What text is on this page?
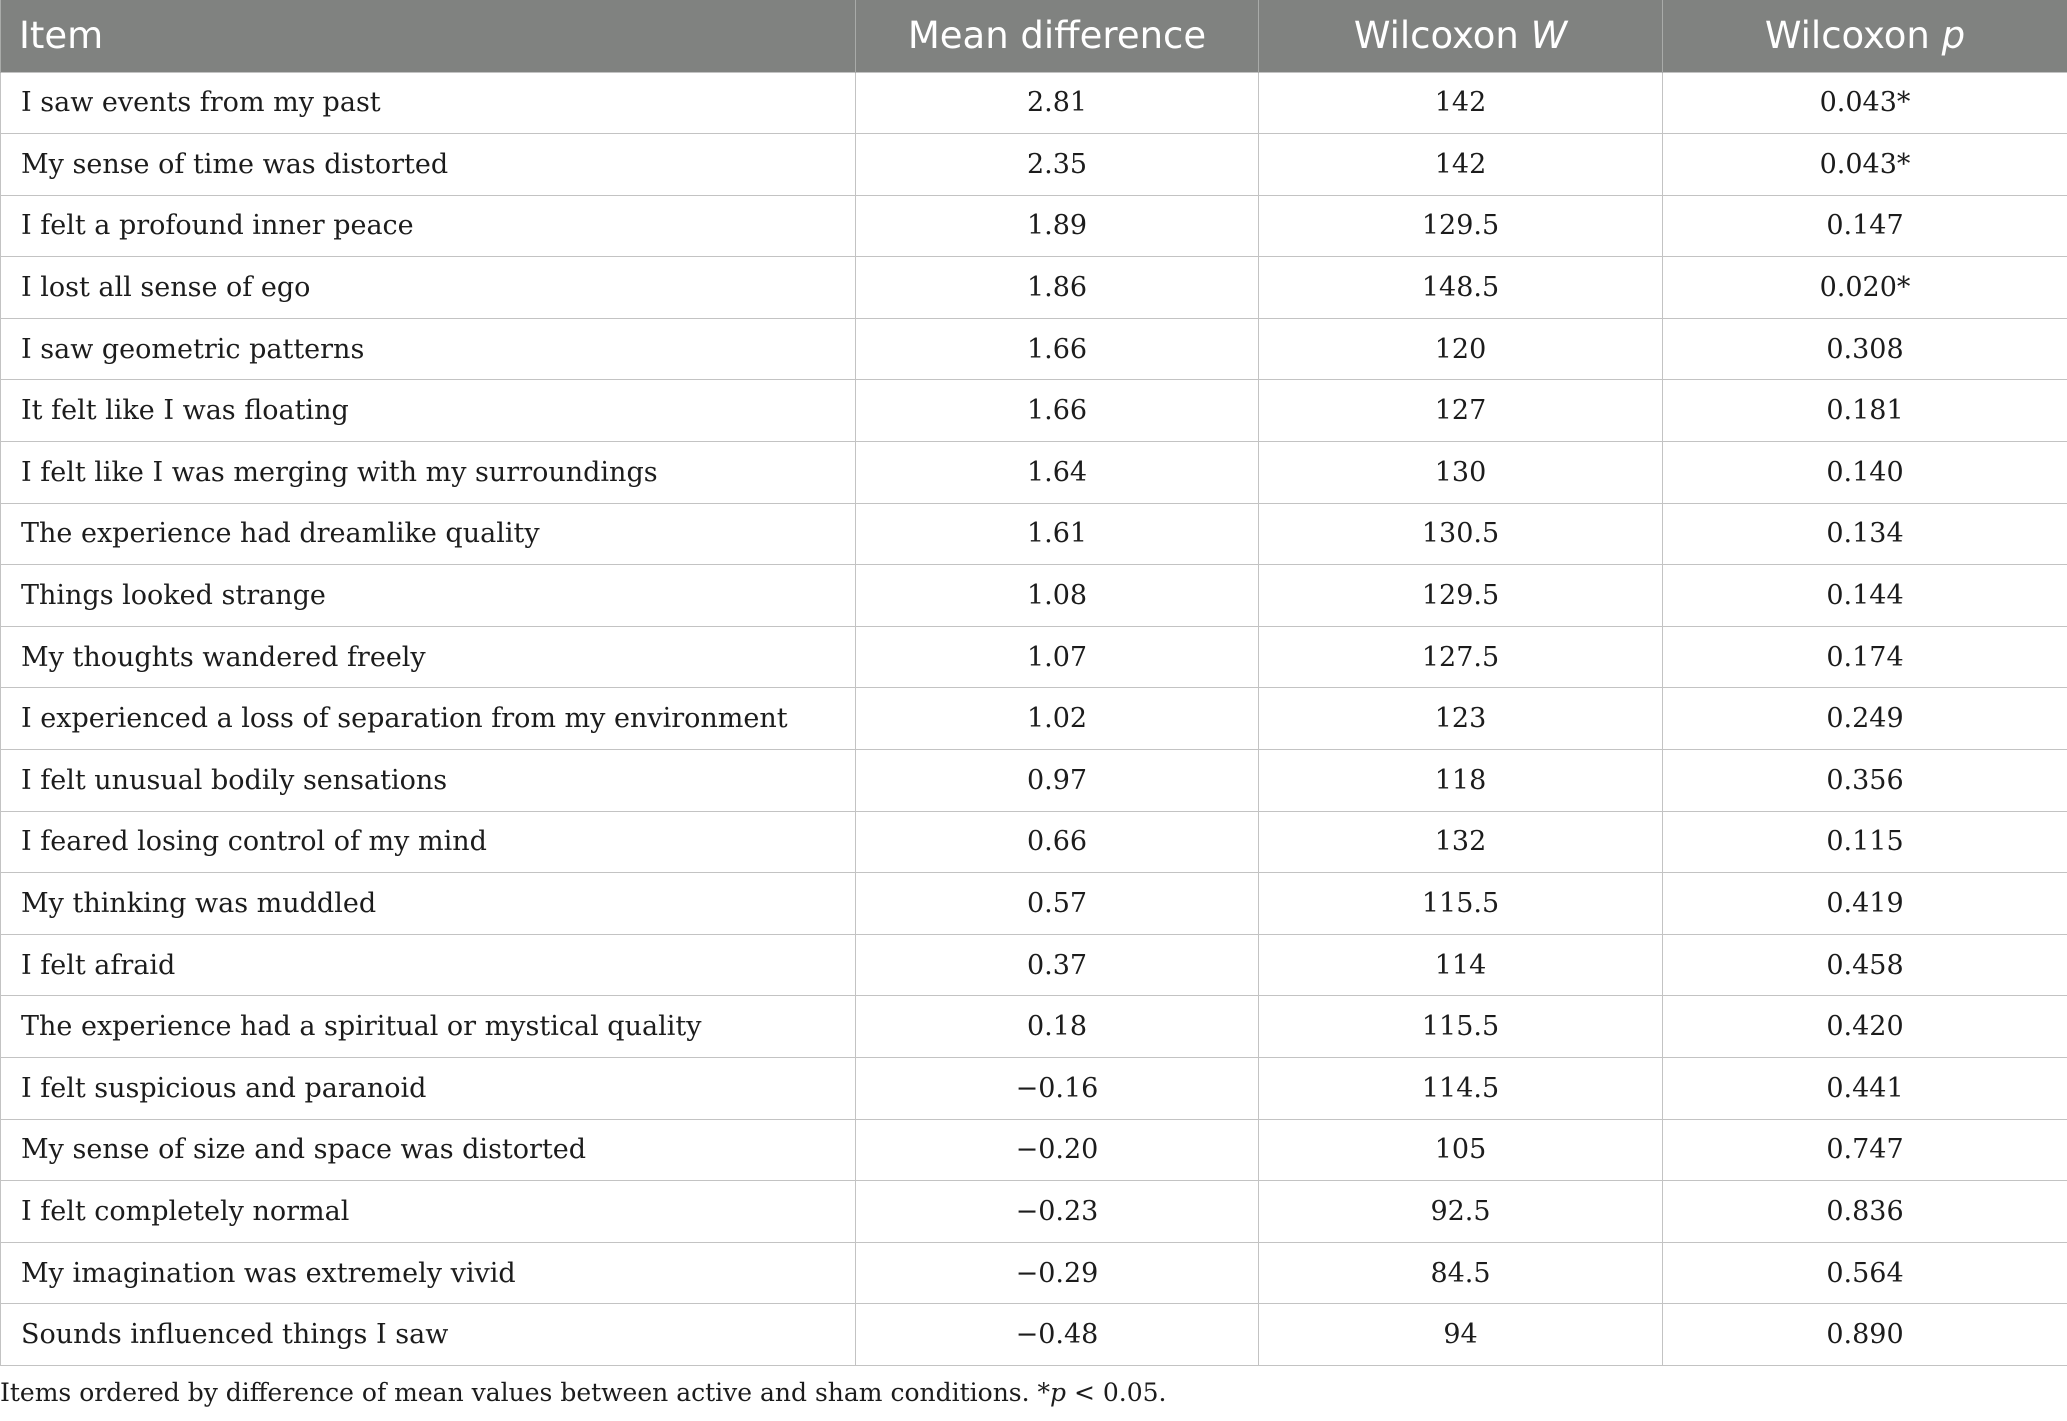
Item	Mean difference	Wilcoxon W	Wilcoxon p
I saw events from my past	2.81	142	0.043*
My sense of time was distorted	2.35	142	0.043*
I felt a profound inner peace	1.89	129.5	0.147
I lost all sense of ego	1.86	148.5	0.020*
I saw geometric patterns	1.66	120	0.308
It felt like I was floating	1.66	127	0.181
I felt like I was merging with my surroundings	1.64	130	0.140
The experience had dreamlike quality	1.61	130.5	0.134
Things looked strange	1.08	129.5	0.144
My thoughts wandered freely	1.07	127.5	0.174
I experienced a loss of separation from my environment	1.02	123	0.249
I felt unusual bodily sensations	0.97	118	0.356
I feared losing control of my mind	0.66	132	0.115
My thinking was muddled	0.57	115.5	0.419
I felt afraid	0.37	114	0.458
The experience had a spiritual or mystical quality	0.18	115.5	0.420
I felt suspicious and paranoid	−0.16	114.5	0.441
My sense of size and space was distorted	−0.20	105	0.747
I felt completely normal	−0.23	92.5	0.836
My imagination was extremely vivid	−0.29	84.5	0.564
Sounds influenced things I saw	−0.48	94	0.890
Items ordered by difference of mean values between active and sham conditions. *p < 0.05.
